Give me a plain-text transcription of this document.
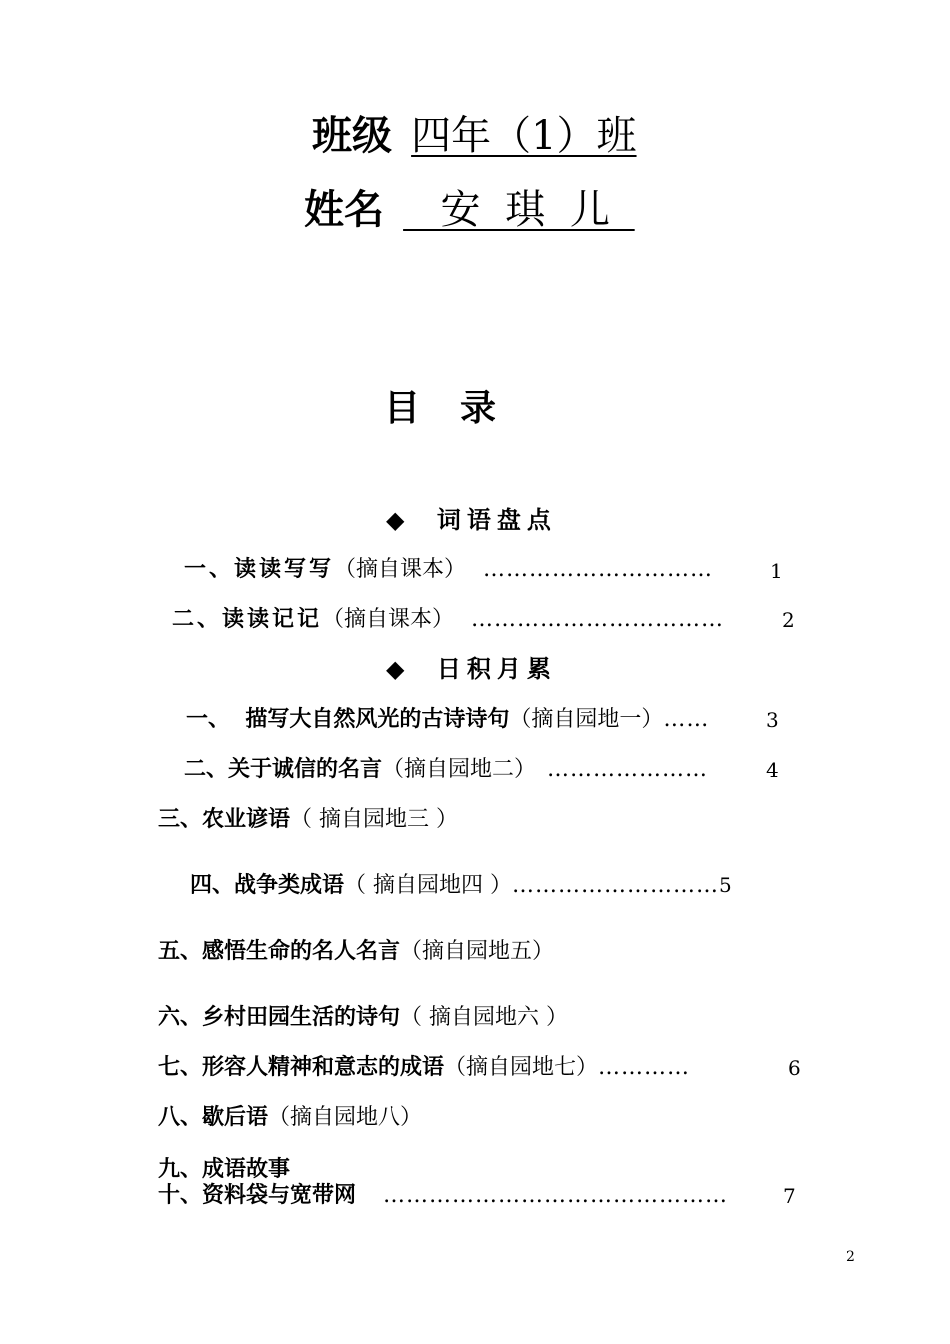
班级 四年（1）班
姓名   安 琪 儿
目录
◆ 词语盘点
一、读读写写（摘自课本） …………………………	1
二、读读记记（摘自课本） ……………………………	2
◆ 日积月累
一、  描写大自然风光的古诗诗句（摘自园地一）……	3
二、关于诚信的名言（摘自园地二） …………………	4
三、农业谚语（ 摘自园地三 ）
四、战争类成语（ 摘自园地四 ）………………………5
五、感悟生命的名人名言（摘自园地五）
六、乡村田园生活的诗句（ 摘自园地六 ）
七、形容人精神和意志的成语（摘自园地七）…………	6
八、歇后语（摘自园地八）
九、成语故事
十、资料袋与宽带网 ………………………………………	7
2
